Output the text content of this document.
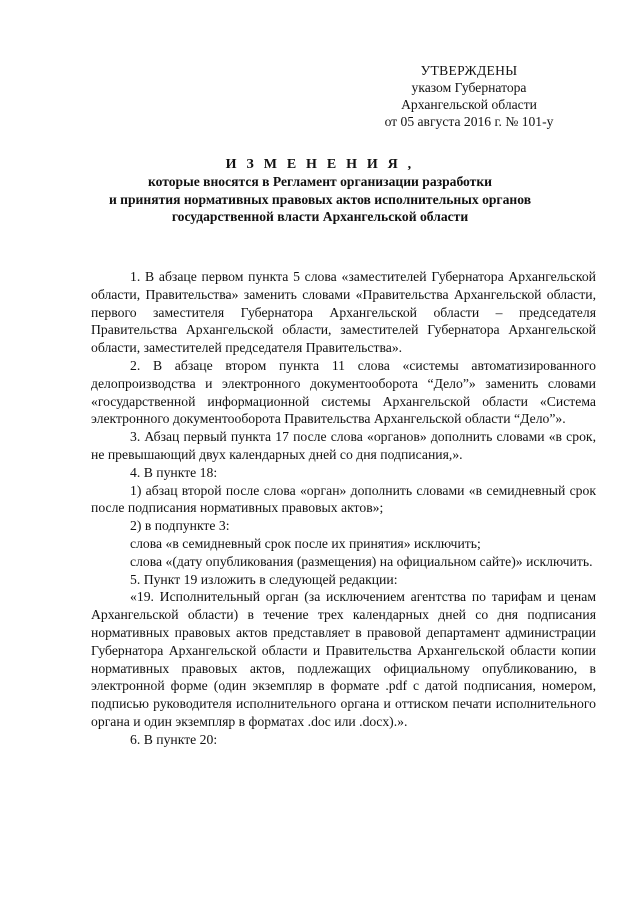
УТВЕРЖДЕНЫ
указом Губернатора
Архангельской области
от 05 августа 2016 г. № 101-у
И З М Е Н Е Н И Я ,
которые вносятся в Регламент организации разработки
и принятия нормативных правовых актов исполнительных органов
государственной власти Архангельской области

1. В абзаце первом пункта 5 слова «заместителей Губернатора Архангельской области, Правительства» заменить словами «Правительства Архангельской области, первого заместителя Губернатора Архангельской области – председателя Правительства Архангельской области, заместителей Губернатора Архангельской области, заместителей председателя Правительства».

2. В абзаце втором пункта 11 слова «системы автоматизированного делопроизводства и электронного документооборота “Дело”» заменить словами «государственной информационной системы Архангельской области «Система электронного документооборота Правительства Архангельской области “Дело”».

3. Абзац первый пункта 17 после слова «органов» дополнить словами «в срок, не превышающий двух календарных дней со дня подписания,».

4. В пункте 18:

1) абзац второй после слова «орган» дополнить словами «в семидневный срок после подписания нормативных правовых актов»;

2) в подпункте 3:

слова «в семидневный срок после их принятия» исключить;

слова «(дату опубликования (размещения) на официальном сайте)» исключить.

5. Пункт 19 изложить в следующей редакции:

«19. Исполнительный орган (за исключением агентства по тарифам и ценам Архангельской области) в течение трех календарных дней со дня подписания нормативных правовых актов представляет в правовой департамент администрации Губернатора Архангельской области и Правительства Архангельской области копии нормативных правовых актов, подлежащих официальному опубликованию, в электронной форме (один экземпляр в формате .pdf с датой подписания, номером, подписью руководителя исполнительного органа и оттиском печати исполнительного органа и один экземпляр в форматах .doc или .docx).».

6. В пункте 20:
